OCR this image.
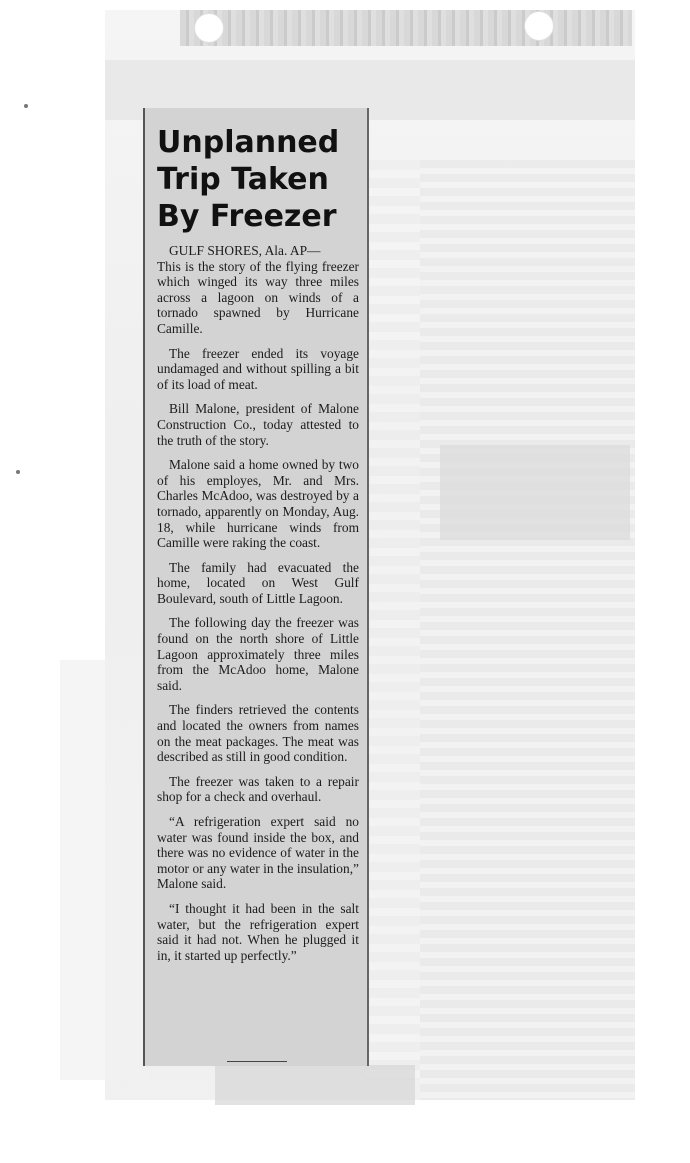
Unplanned
Trip Taken
By Freezer

GULF SHORES, Ala. AP—
This is the story of the flying freezer which winged its way three miles across a lagoon on winds of a tornado spawned by Hurricane Camille.

The freezer ended its voyage undamaged and without spilling a bit of its load of meat.

Bill Malone, president of Malone Construction Co., today attested to the truth of the story.

Malone said a home owned by two of his employes, Mr. and Mrs. Charles McAdoo, was destroyed by a tornado, apparently on Monday, Aug. 18, while hurricane winds from Camille were raking the coast.

The family had evacuated the home, located on West Gulf Boulevard, south of Little Lagoon.

The following day the freezer was found on the north shore of Little Lagoon approximately three miles from the McAdoo home, Malone said.

The finders retrieved the contents and located the owners from names on the meat packages. The meat was described as still in good condition.

The freezer was taken to a repair shop for a check and overhaul.

“A refrigeration expert said no water was found inside the box, and there was no evidence of water in the motor or any water in the insulation,” Malone said.

“I thought it had been in the salt water, but the refrigeration expert said it had not. When he plugged it in, it started up perfectly.”
